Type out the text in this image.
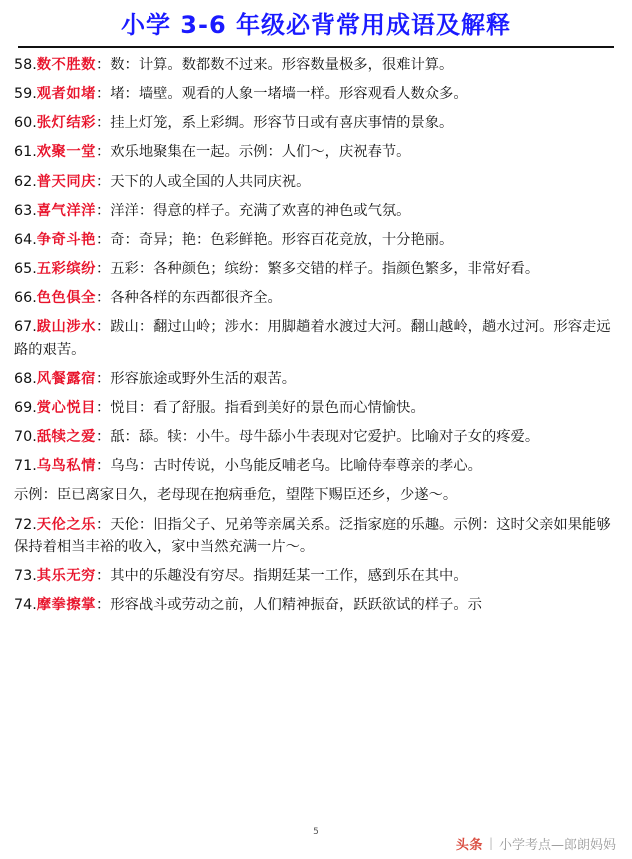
小学 3-6 年级必背常用成语及解释

58.数不胜数：数：计算。数都数不过来。形容数量极多，很难计算。

59.观者如堵：堵：墙壁。观看的人象一堵墙一样。形容观看人数众多。

60.张灯结彩：挂上灯笼，系上彩绸。形容节日或有喜庆事情的景象。

61.欢聚一堂：欢乐地聚集在一起。示例：人们～，庆祝春节。

62.普天同庆：天下的人或全国的人共同庆祝。

63.喜气洋洋：洋洋：得意的样子。充满了欢喜的神色或气氛。

64.争奇斗艳：奇：奇异；艳：色彩鲜艳。形容百花竞放，十分艳丽。

65.五彩缤纷：五彩：各种颜色；缤纷：繁多交错的样子。指颜色繁多，非常好看。

66.色色俱全：各种各样的东西都很齐全。

67.跋山涉水：跋山：翻过山岭；涉水：用脚趟着水渡过大河。翻山越岭，趟水过河。形容走远路的艰苦。

68.风餐露宿：形容旅途或野外生活的艰苦。

69.赏心悦目：悦目：看了舒服。指看到美好的景色而心情愉快。

70.舐犊之爱：舐：舔。犊：小牛。母牛舔小牛表现对它爱护。比喻对子女的疼爱。

71.乌鸟私情：乌鸟：古时传说，小鸟能反哺老乌。比喻侍奉尊亲的孝心。

示例：臣已离家日久，老母现在抱病垂危，望陛下赐臣还乡，少遂～。

72.天伦之乐：天伦：旧指父子、兄弟等亲属关系。泛指家庭的乐趣。示例：这时父亲如果能够保持着相当丰裕的收入，家中当然充满一片～。

73.其乐无穷：其中的乐趣没有穷尽。指期廷某一工作，感到乐在其中。

74.摩拳擦掌：形容战斗或劳动之前，人们精神振奋，跃跃欲试的样子。示

5
头条 | 小学考点—郎朗妈妈
